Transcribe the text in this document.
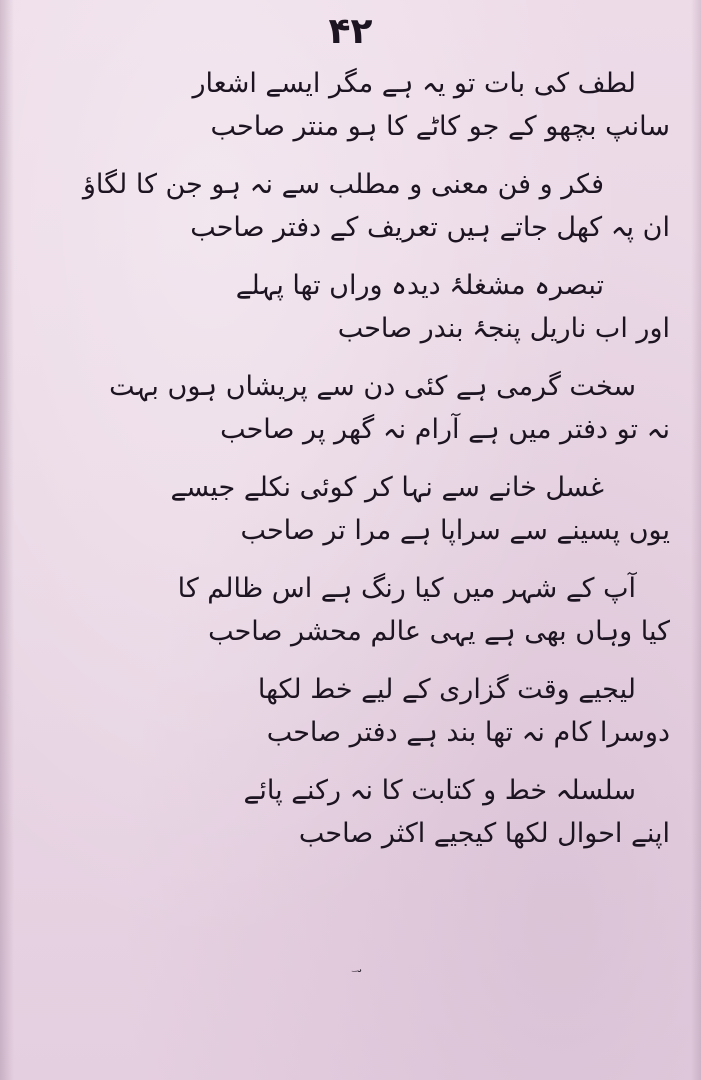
۴۲
لطف کی بات تو یہ ہے مگر ایسے اشعار
سانپ بچھو کے جو کاٹے کا ہو منتر صاحب
فکر و فن معنی و مطلب سے نہ ہو جن کا لگاؤ
ان پہ کھل جاتے ہیں تعریف کے دفتر صاحب
تبصرہ مشغلۂ دیدہ وراں تھا پہلے
اور اب ناریل پنجۂ بندر صاحب
سخت گرمی ہے کئی دن سے پریشاں ہوں بہت
نہ تو دفتر میں ہے آرام نہ گھر پر صاحب
غسل خانے سے نہا کر کوئی نکلے جیسے
یوں پسینے سے سراپا ہے مرا تر صاحب
آپ کے شہر میں کیا رنگ ہے اس ظالم کا
کیا وہاں بھی ہے یہی عالم محشر صاحب
لیجیے وقت گزاری کے لیے خط لکھا
دوسرا کام نہ تھا بند ہے دفتر صاحب
سلسلہ خط و کتابت کا نہ رکنے پائے
اپنے احوال لکھا کیجیے اکثر صاحب
